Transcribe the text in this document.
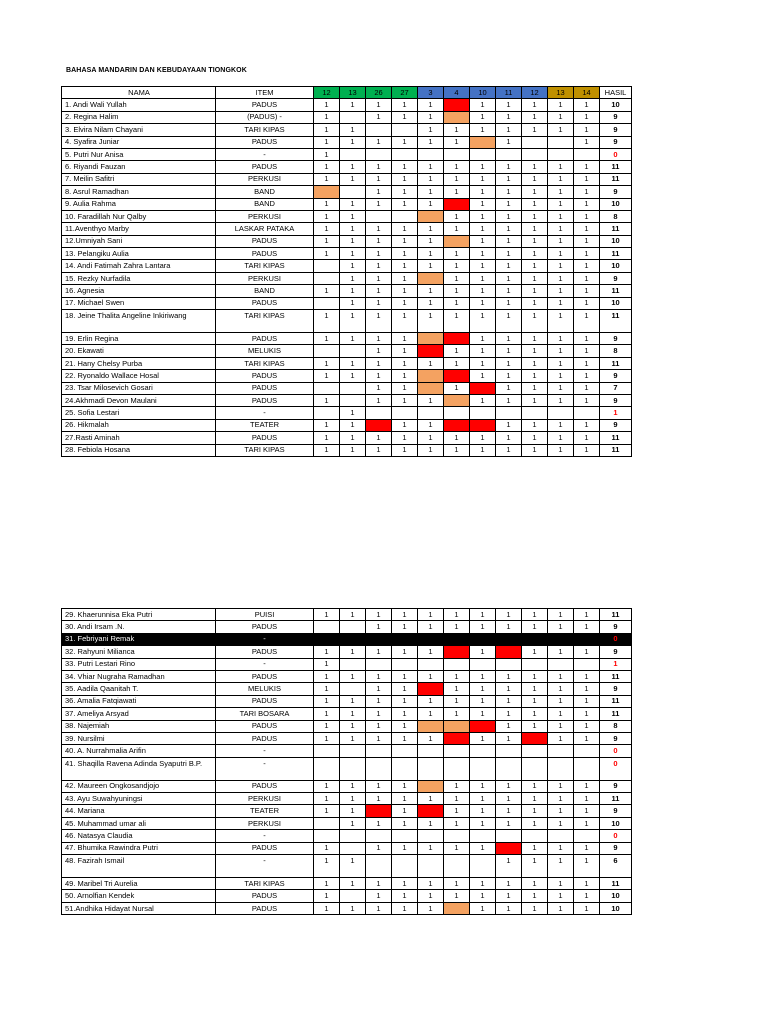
BAHASA MANDARIN DAN KEBUDAYAAN TIONGKOK
NAMA	ITEM	12	13	26	27	3	4	10	11	12	13	14	HASIL
1. Andi Wali Yullah	PADUS	1	1	1	1	1		1	1	1	1	1	10
2. Regina Halim	(PADUS) -	1		1	1	1		1	1	1	1	1	9
3. Elvira Nilam Chayani	TARI KIPAS	1	1			1	1	1	1	1	1	1	9
4. Syafira Juniar	PADUS	1	1	1	1	1	1		1			1	9
5. Putri Nur Anisa	-	1											0
6. Riyandi Fauzan	PADUS	1	1	1	1	1	1	1	1	1	1	1	11
7. Meilin Safitri	PERKUSI	1	1	1	1	1	1	1	1	1	1	1	11
8. Asrul Ramadhan	BAND			1	1	1	1	1	1	1	1	1	9
9. Aulia Rahma	BAND	1	1	1	1	1		1	1	1	1	1	10
10. Faradillah Nur Qalby	PERKUSI	1	1				1	1	1	1	1	1	8
11.Aventhyo Marby	LASKAR PATAKA	1	1	1	1	1	1	1	1	1	1	1	11
12.Umniyah Sani	PADUS	1	1	1	1	1		1	1	1	1	1	10
13. Pelangiku Aulia	PADUS	1	1	1	1	1	1	1	1	1	1	1	11
14. Andi Fatimah Zahra Lantara	TARI KIPAS		1	1	1	1	1	1	1	1	1	1	10
15. Rezky Nurfadila	PERKUSI		1	1	1		1	1	1	1	1	1	9
16. Agnesia	BAND	1	1	1	1	1	1	1	1	1	1	1	11
17. Michael Swen	PADUS		1	1	1	1	1	1	1	1	1	1	10
18. Jeine Thalita Angeline Inkiriwang	TARI KIPAS	1	1	1	1	1	1	1	1	1	1	1	11
19. Erlin Regina	PADUS	1	1	1	1			1	1	1	1	1	9
20. Ekawati	MELUKIS			1	1		1	1	1	1	1	1	8
21. Hany Chelsy Purba	TARI KIPAS	1	1	1	1	1	1	1	1	1	1	1	11
22. Ryonaldo Wallace Hosal	PADUS	1	1	1	1			1	1	1	1	1	9
23. Tsar Milosevich Gosari	PADUS			1	1		1		1	1	1	1	7
24.Akhmadi Devon Maulani	PADUS	1		1	1	1		1	1	1	1	1	9
25. Sofia Lestari	-		1										1
26. Hikmalah	TEATER	1	1		1	1			1	1	1	1	9
27.Rasti Aminah	PADUS	1	1	1	1	1	1	1	1	1	1	1	11
28. Febiola Hosana	TARI KIPAS	1	1	1	1	1	1	1	1	1	1	1	11
29. Khaerunnisa Eka Putri	PUISI	1	1	1	1	1	1	1	1	1	1	1	11
30. Andi Irsam .N.	PADUS			1	1	1	1	1	1	1	1	1	9
31. Febriyani Remak	-												0
32. Rahyuni Milianca	PADUS	1	1	1	1	1		1		1	1	1	9
33. Putri Lestari Rino	-	1											1
34. Vhiar Nugraha Ramadhan	PADUS	1	1	1	1	1	1	1	1	1	1	1	11
35. Aadila Qaanitah T.	MELUKIS	1		1	1		1	1	1	1	1	1	9
36. Amalia Fatqiawati	PADUS	1	1	1	1	1	1	1	1	1	1	1	11
37. Ameliya Arsyad	TARI BOSARA	1	1	1	1	1	1	1	1	1	1	1	11
38. Najemiah	PADUS	1	1	1	1				1	1	1	1	8
39. Nursilmi	PADUS	1	1	1	1	1		1	1		1	1	9
40. A. Nurrahmalia Arifin	-												0
41. Shaqilla Ravena Adinda Syaputri B.P.	-												0
42. Maureen Ongkosandjojo	PADUS	1	1	1	1		1	1	1	1	1	1	9
43. Ayu Suwahyuningsi	PERKUSI	1	1	1	1	1	1	1	1	1	1	1	11
44. Mariana	TEATER	1	1		1		1	1	1	1	1	1	9
45. Muhammad umar ali	PERKUSI		1	1	1	1	1	1	1	1	1	1	10
46. Natasya Claudia	-												0
47. Bhumika Rawindra Putri	PADUS	1		1	1	1	1	1		1	1	1	9
48. Fazirah Ismail	-	1	1						1	1	1	1	6
49. Maribel Tri Aurelia	TARI KIPAS	1	1	1	1	1	1	1	1	1	1	1	11
50. Arnolfian Kendek	PADUS	1		1	1	1	1	1	1	1	1	1	10
51.Andhika Hidayat Nursal	PADUS	1	1	1	1	1		1	1	1	1	1	10
